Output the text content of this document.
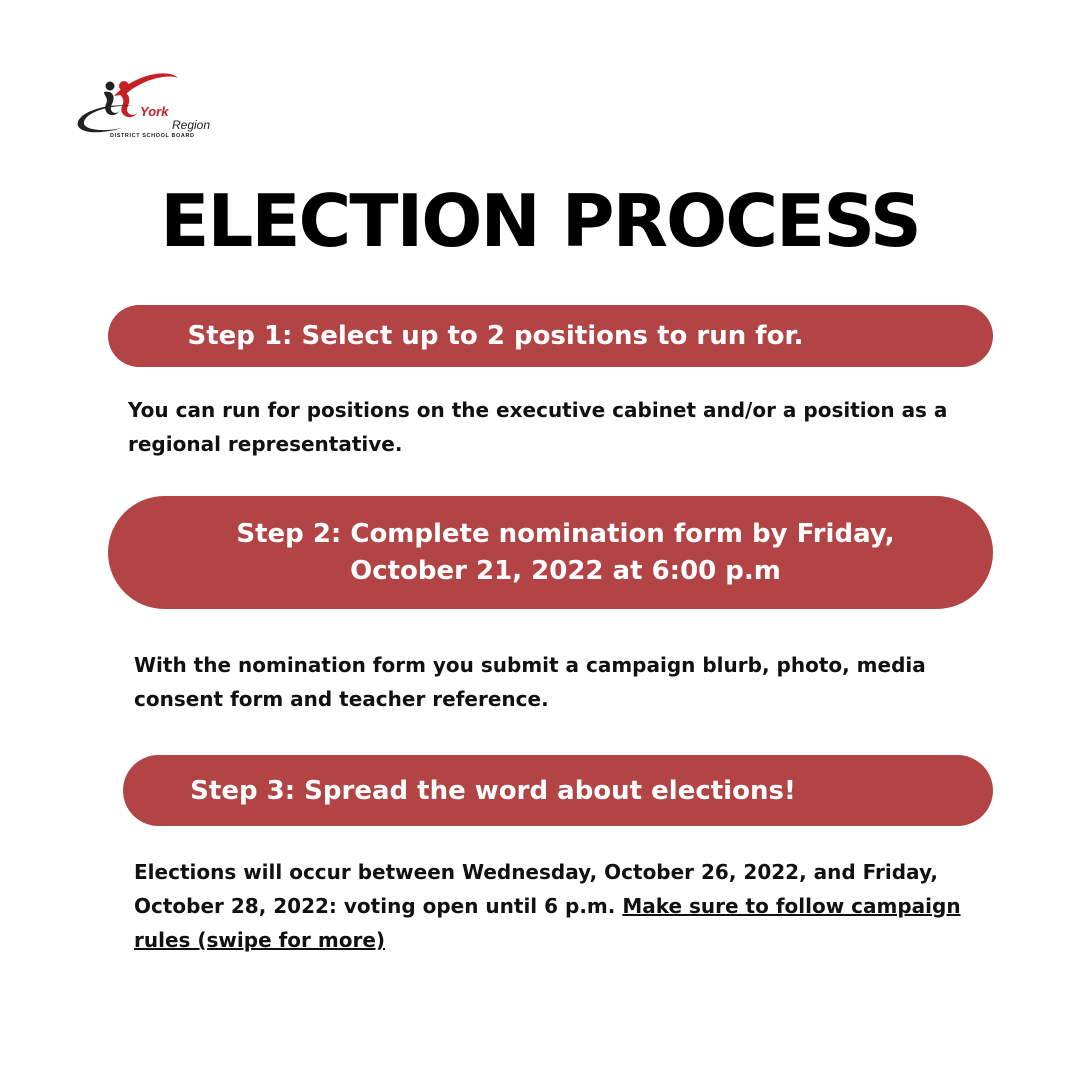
York
Region
DISTRICT SCHOOL BOARD
ELECTION PROCESS
Step 1: Select up to 2 positions to run for.

You can run for positions on the executive cabinet and/or a position as a regional representative.

Step 2: Complete nomination form by Friday,
October 21, 2022 at 6:00 p.m

With the nomination form you submit a campaign blurb, photo, media consent form and teacher reference.

Step 3: Spread the word about elections!

Elections will occur between Wednesday, October 26, 2022, and Friday, October 28, 2022: voting open until 6 p.m. Make sure to follow campaign rules (swipe for more)
